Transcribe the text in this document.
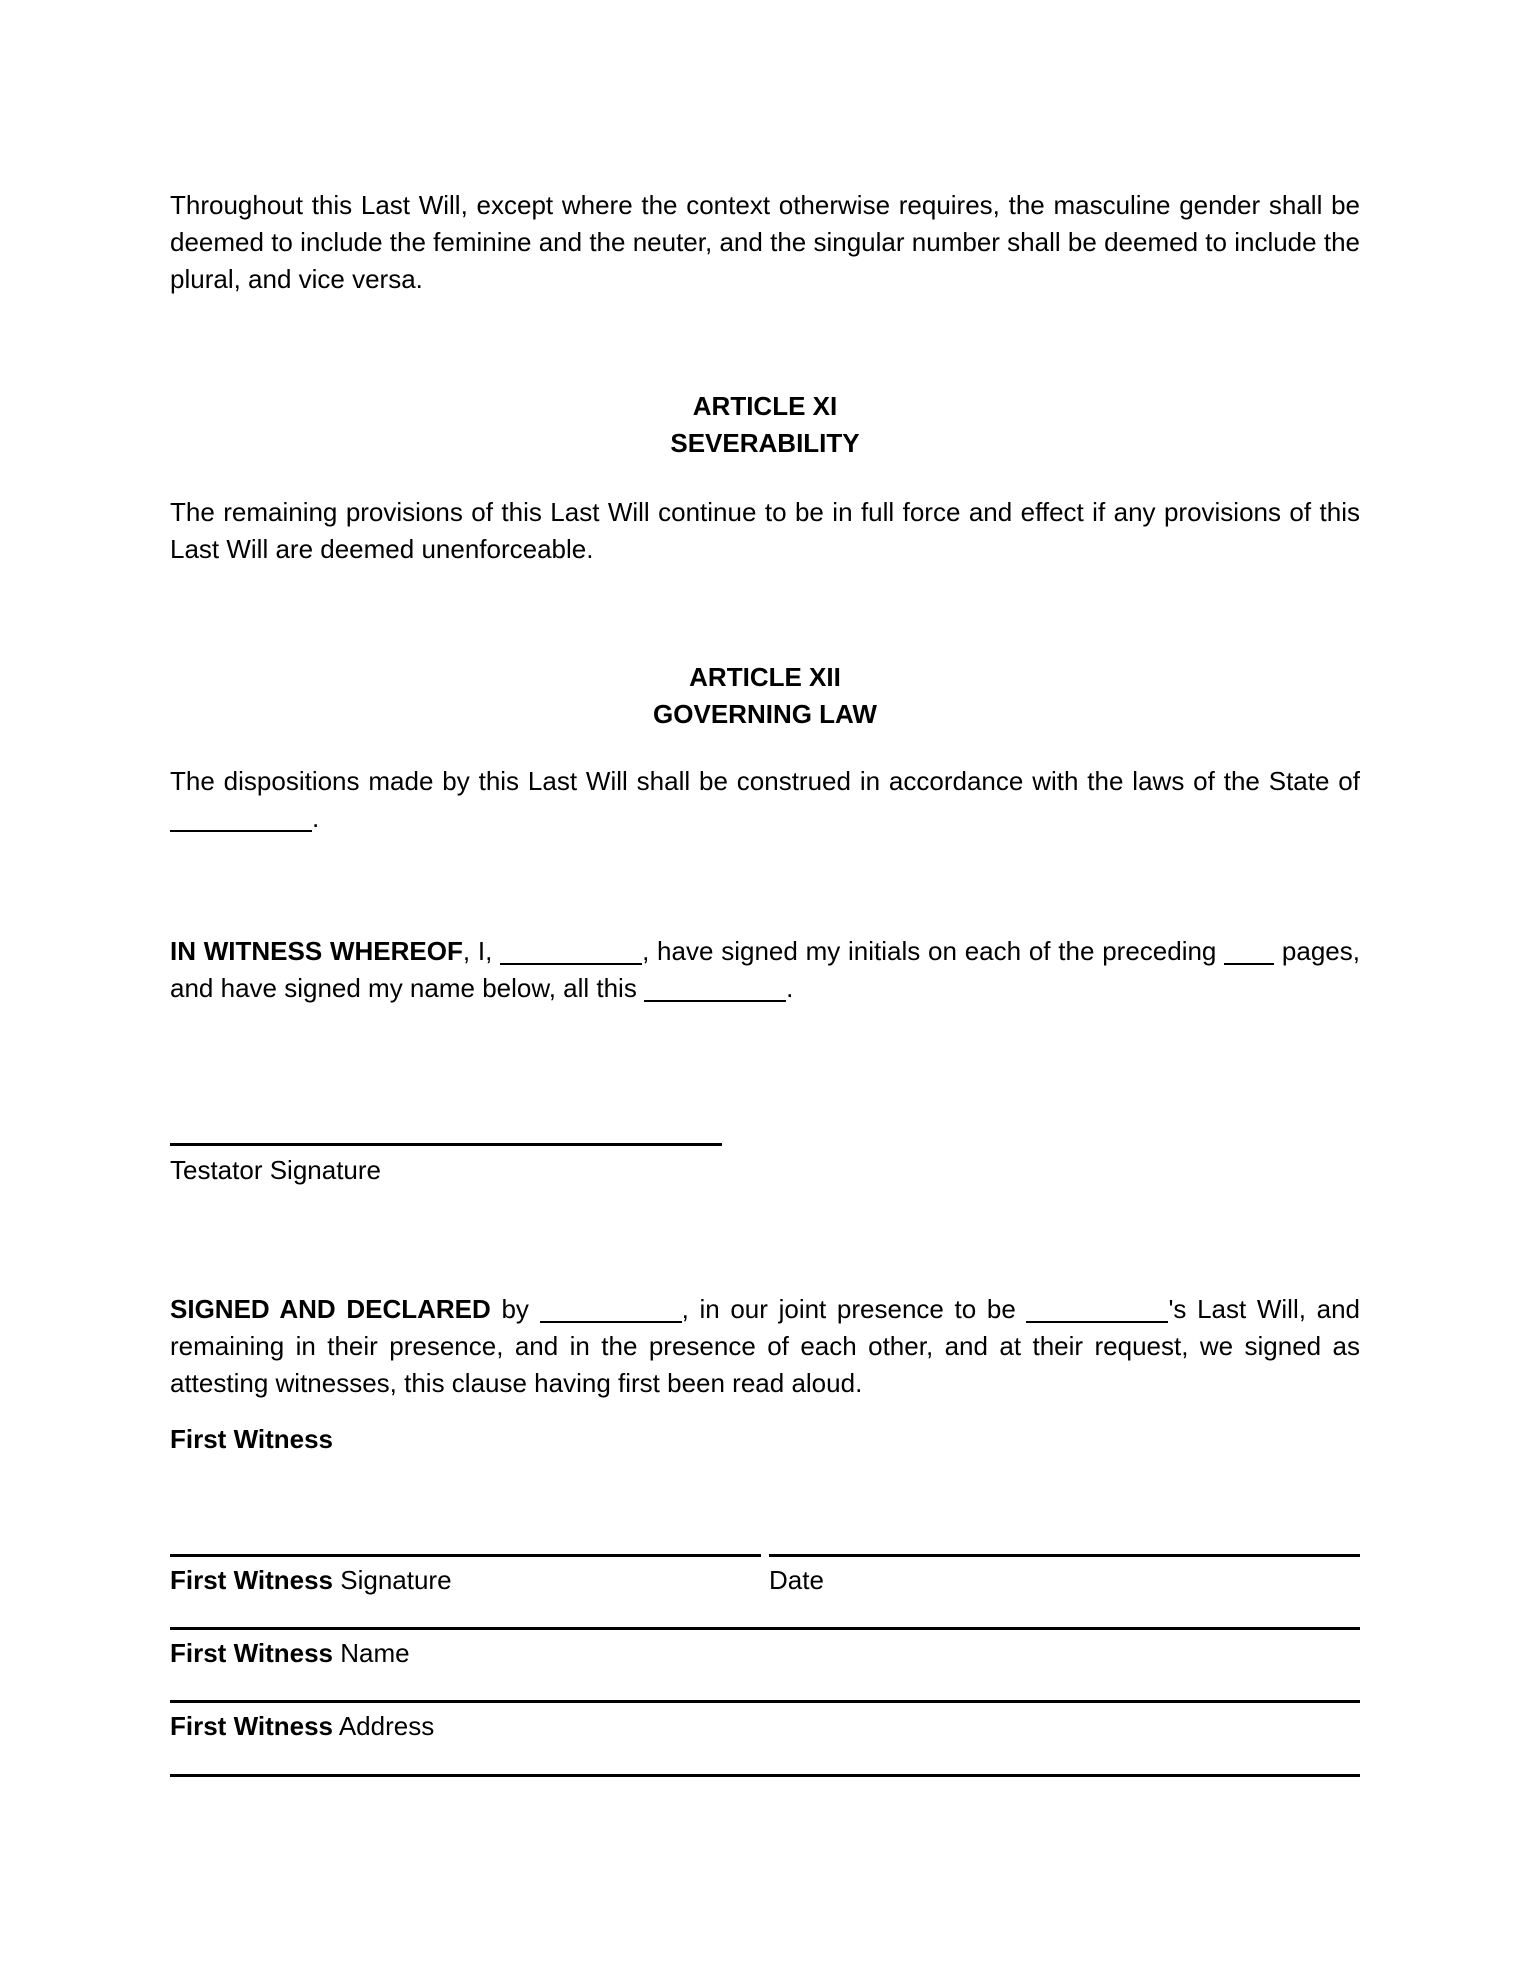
Throughout this Last Will, except where the context otherwise requires, the masculine gender shall be deemed to include the feminine and the neuter, and the singular number shall be deemed to include the plural, and vice versa.

ARTICLE XI
SEVERABILITY

The remaining provisions of this Last Will continue to be in full force and effect if any provisions of this Last Will are deemed unenforceable.

ARTICLE XII
GOVERNING LAW

The dispositions made by this Last Will shall be construed in accordance with the laws of the State of .

IN WITNESS WHEREOF, I,	, have signed my initials on each of the preceding  pages, and have signed my name below, all this	.

Testator Signature

SIGNED AND DECLARED by	, in our joint presence to be	's Last Will, and remaining in their presence, and in the presence of each other, and at their request, we signed as attesting witnesses, this clause having first been read aloud.

First Witness

First Witness Signature	Date
First Witness Name
First Witness Address
